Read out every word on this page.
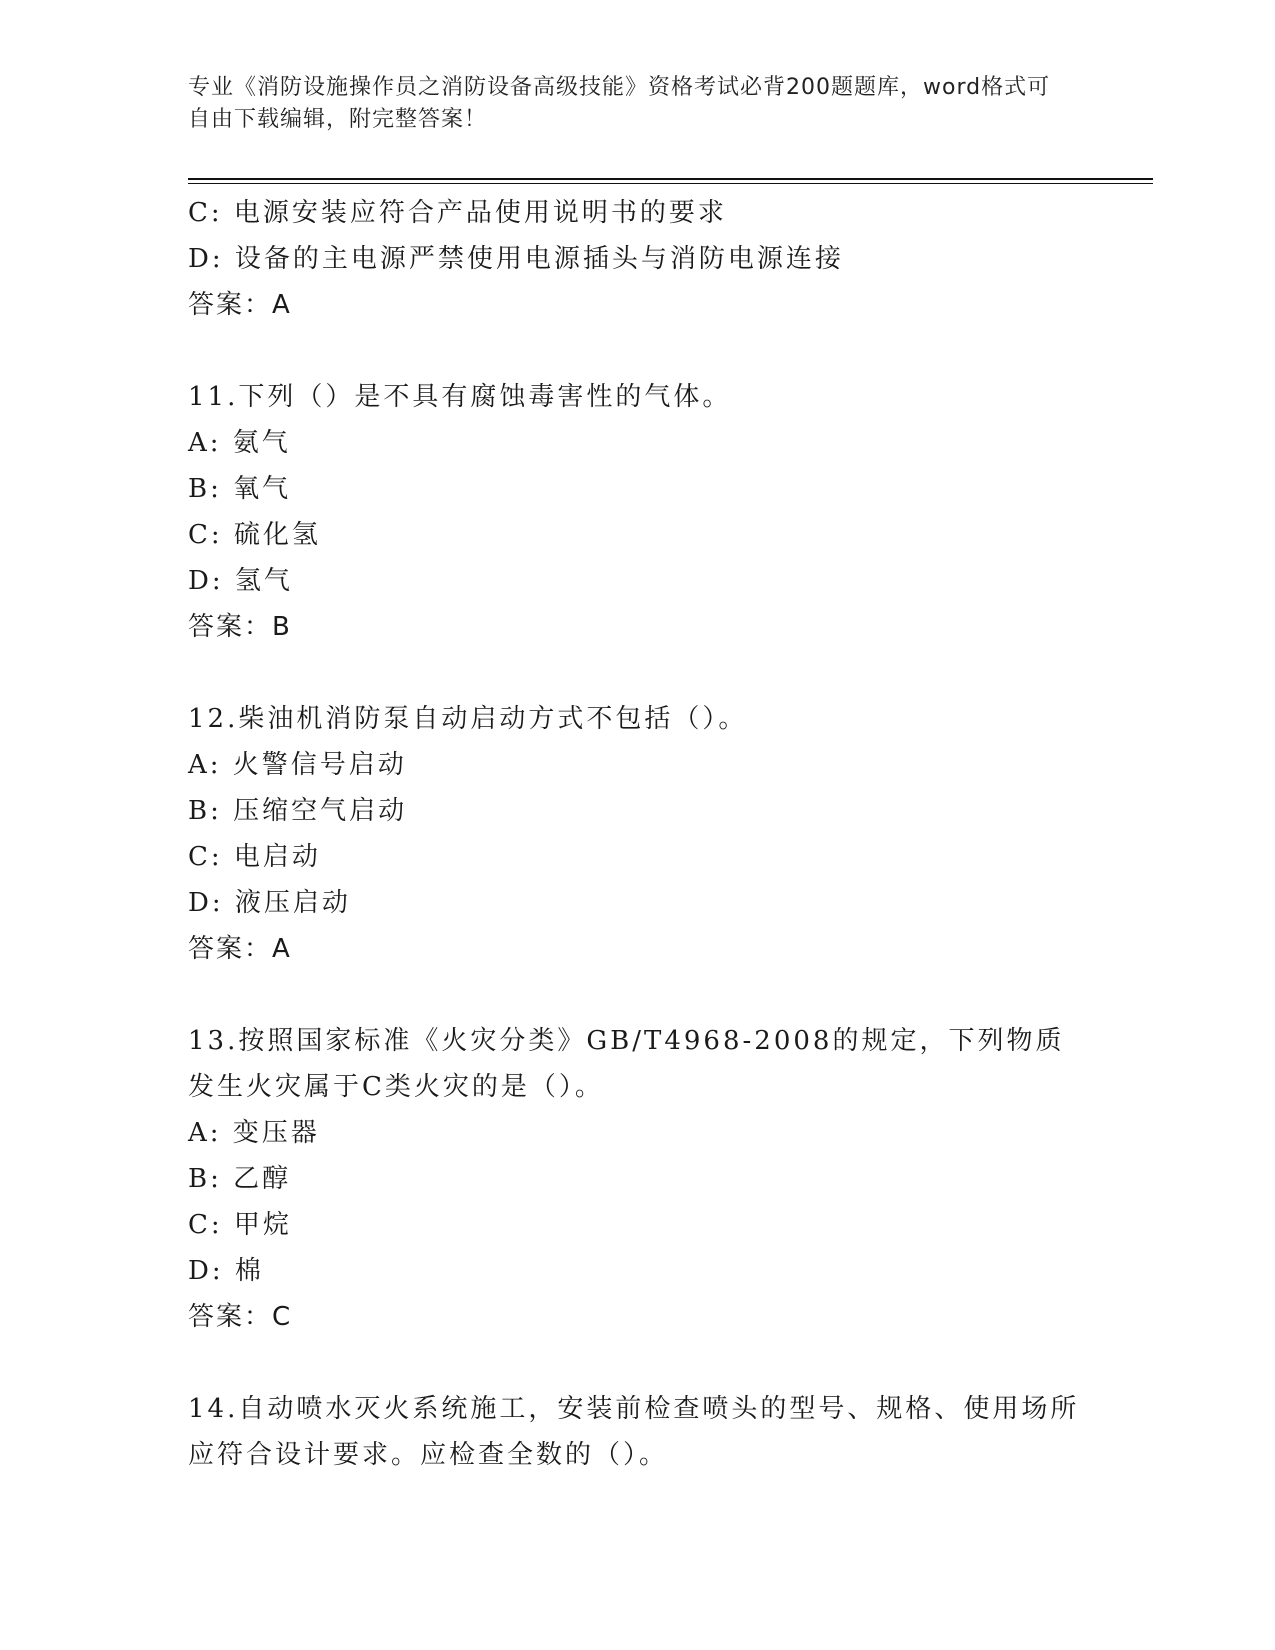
专业《消防设施操作员之消防设备高级技能》资格考试必背200题题库，word格式可自由下载编辑，附完整答案！
C: 电源安装应符合产品使用说明书的要求
D: 设备的主电源严禁使用电源插头与消防电源连接
答案：A
11.下列（）是不具有腐蚀毒害性的气体。
A: 氨气
B: 氧气
C: 硫化氢
D: 氢气
答案：B
12.柴油机消防泵自动启动方式不包括（）。
A: 火警信号启动
B: 压缩空气启动
C: 电启动
D: 液压启动
答案：A
13.按照国家标准《火灾分类》GB/T4968-2008的规定，下列物质发生火灾属于C类火灾的是（）。
A: 变压器
B: 乙醇
C: 甲烷
D: 棉
答案：C
14.自动喷水灭火系统施工，安装前检查喷头的型号、规格、使用场所应符合设计要求。应检查全数的（）。
